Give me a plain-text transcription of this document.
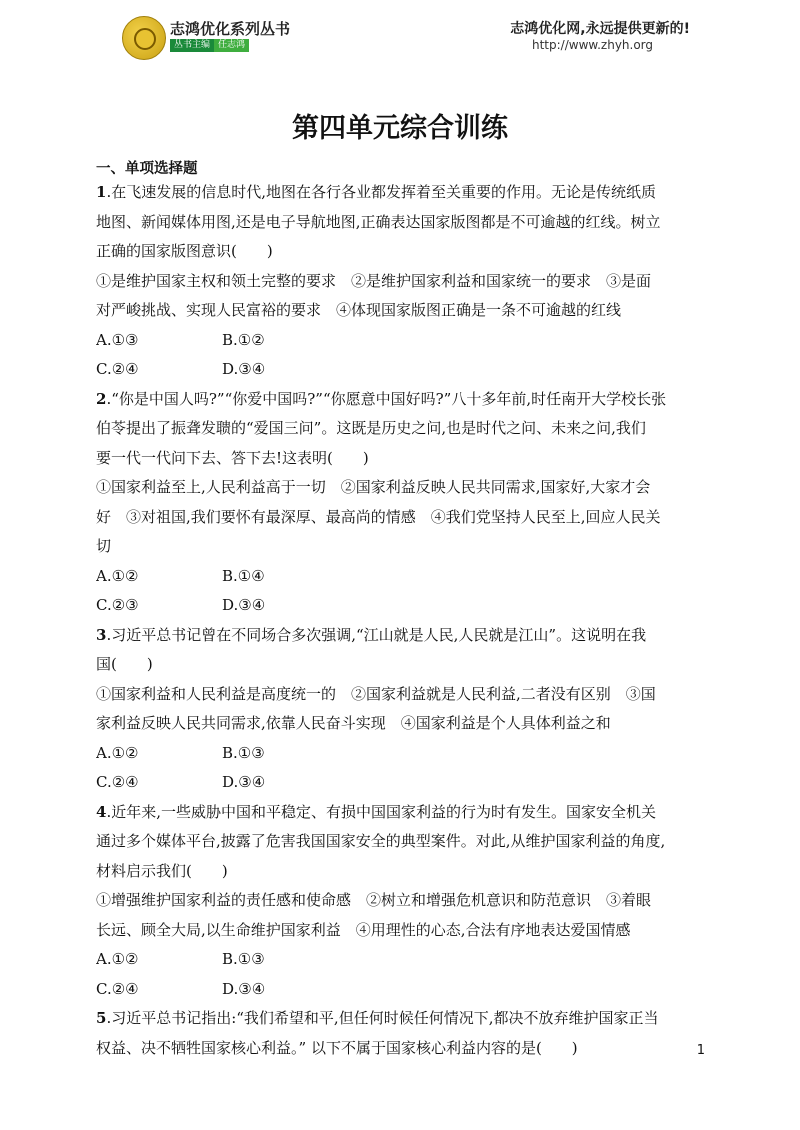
志鸿优化系列丛书
丛书主编 任志鸿
志鸿优化网,永远提供更新的!
http://www.zhyh.org
第四单元综合训练
一、单项选择题
1.在飞速发展的信息时代,地图在各行各业都发挥着至关重要的作用。无论是传统纸质
地图、新闻媒体用图,还是电子导航地图,正确表达国家版图都是不可逾越的红线。树立
正确的国家版图意识(　　)
①是维护国家主权和领土完整的要求　②是维护国家利益和国家统一的要求　③是面
对严峻挑战、实现人民富裕的要求　④体现国家版图正确是一条不可逾越的红线
A.①③	B.①②
C.②④	D.③④
2.“你是中国人吗?”“你爱中国吗?”“你愿意中国好吗?”八十多年前,时任南开大学校长张
伯苓提出了振聋发聩的“爱国三问”。这既是历史之问,也是时代之问、未来之问,我们
要一代一代问下去、答下去!这表明(　　)
①国家利益至上,人民利益高于一切　②国家利益反映人民共同需求,国家好,大家才会
好　③对祖国,我们要怀有最深厚、最高尚的情感　④我们党坚持人民至上,回应人民关
切
A.①②	B.①④
C.②③	D.③④
3.习近平总书记曾在不同场合多次强调,“江山就是人民,人民就是江山”。这说明在我
国(　　)
①国家利益和人民利益是高度统一的　②国家利益就是人民利益,二者没有区别　③国
家利益反映人民共同需求,依靠人民奋斗实现　④国家利益是个人具体利益之和
A.①②	B.①③
C.②④	D.③④
4.近年来,一些威胁中国和平稳定、有损中国国家利益的行为时有发生。国家安全机关
通过多个媒体平台,披露了危害我国国家安全的典型案件。对此,从维护国家利益的角度,
材料启示我们(　　)
①增强维护国家利益的责任感和使命感　②树立和增强危机意识和防范意识　③着眼
长远、顾全大局,以生命维护国家利益　④用理性的心态,合法有序地表达爱国情感
A.①②	B.①③
C.②④	D.③④
5.习近平总书记指出:“我们希望和平,但任何时候任何情况下,都决不放弃维护国家正当
权益、决不牺牲国家核心利益。” 以下不属于国家核心利益内容的是(　　)	1
